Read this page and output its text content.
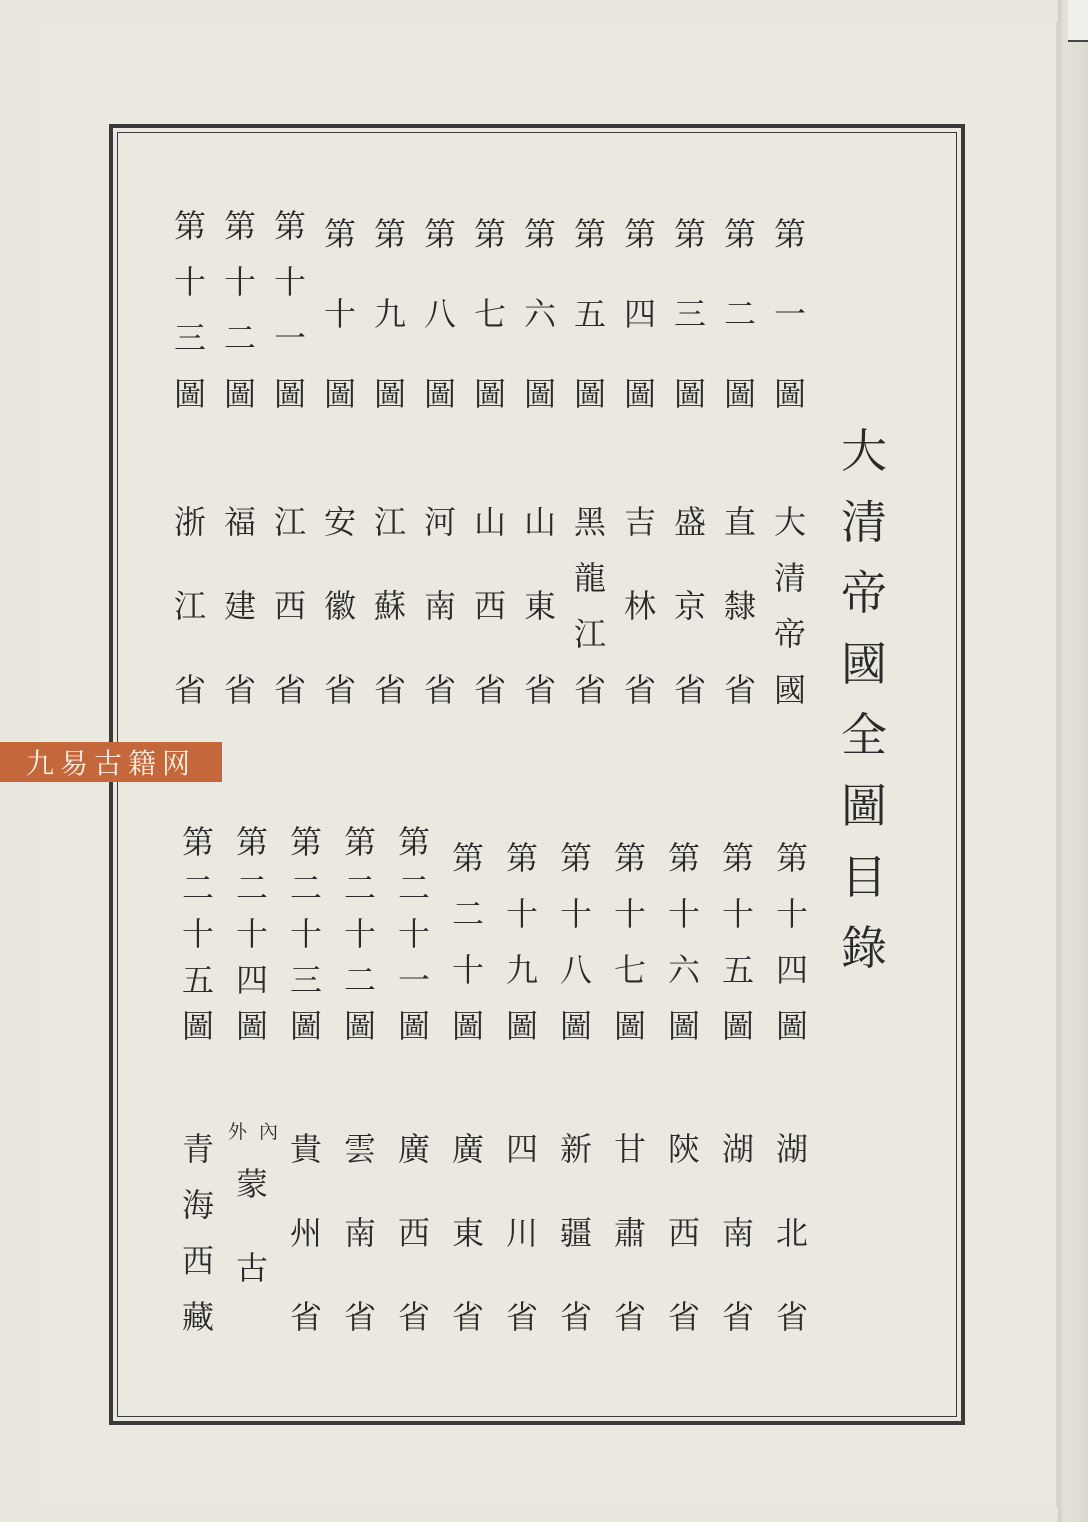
大
清
帝
國
全
圖
目
錄
第
一
圖
大
清
帝
國
第
二
圖
直
隸
省
第
三
圖
盛
京
省
第
四
圖
吉
林
省
第
五
圖
黑
龍
江
省
第
六
圖
山
東
省
第
七
圖
山
西
省
第
八
圖
河
南
省
第
九
圖
江
蘇
省
第
十
圖
安
徽
省
第
十
一
圖
江
西
省
第
十
二
圖
福
建
省
第
十
三
圖
浙
江
省
第
十
四
圖
湖
北
省
第
十
五
圖
湖
南
省
第
十
六
圖
陝
西
省
第
十
七
圖
甘
肅
省
第
十
八
圖
新
疆
省
第
十
九
圖
四
川
省
第
二
十
圖
廣
東
省
第
二
十
一
圖
廣
西
省
第
二
十
二
圖
雲
南
省
第
二
十
三
圖
貴
州
省
第
二
十
四
圖
蒙
古
內
外
第
二
十
五
圖
青
海
西
藏
九易古籍网
